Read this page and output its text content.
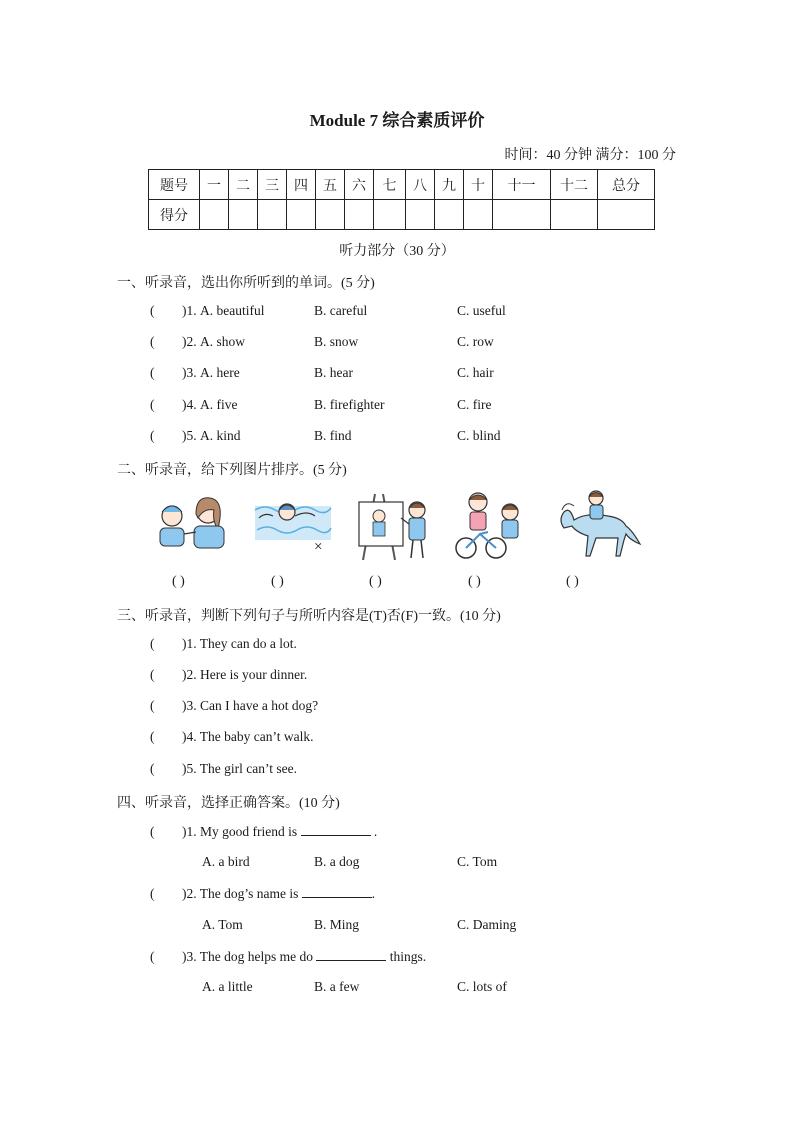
Module 7 综合素质评价
时间：40 分钟 满分：100 分
题号	一	二	三	四	五	六	七	八	九	十	十一	十二	总分
得分													
听力部分（30 分）
一、听录音，选出你所听到的单词。(5 分)
( )1. A. beautiful	B. careful	C. useful
( )2. A. show	B. snow	C. row
( )3. A. here	B. hear	C. hair
( )4. A. five	B. firefighter	C. fire
( )5. A. kind	B. find	C. blind
二、听录音，给下列图片排序。(5 分)
×
( )	( )	( )	( )	( )
三、听录音，判断下列句子与所听内容是(T)否(F)一致。(10 分)
( )1. They can do a lot.
( )2. Here is your dinner.
( )3. Can I have a hot dog?
( )4. The baby can’t walk.
( )5. The girl can’t see.
四、听录音，选择正确答案。(10 分)
( )1. My good friend is	.
A. a bird	B. a dog	C. Tom
( )2. The dog’s name is	.
A. Tom	B. Ming	C. Daming
( )3. The dog helps me do	things.
A. a little	B. a few	C. lots of
